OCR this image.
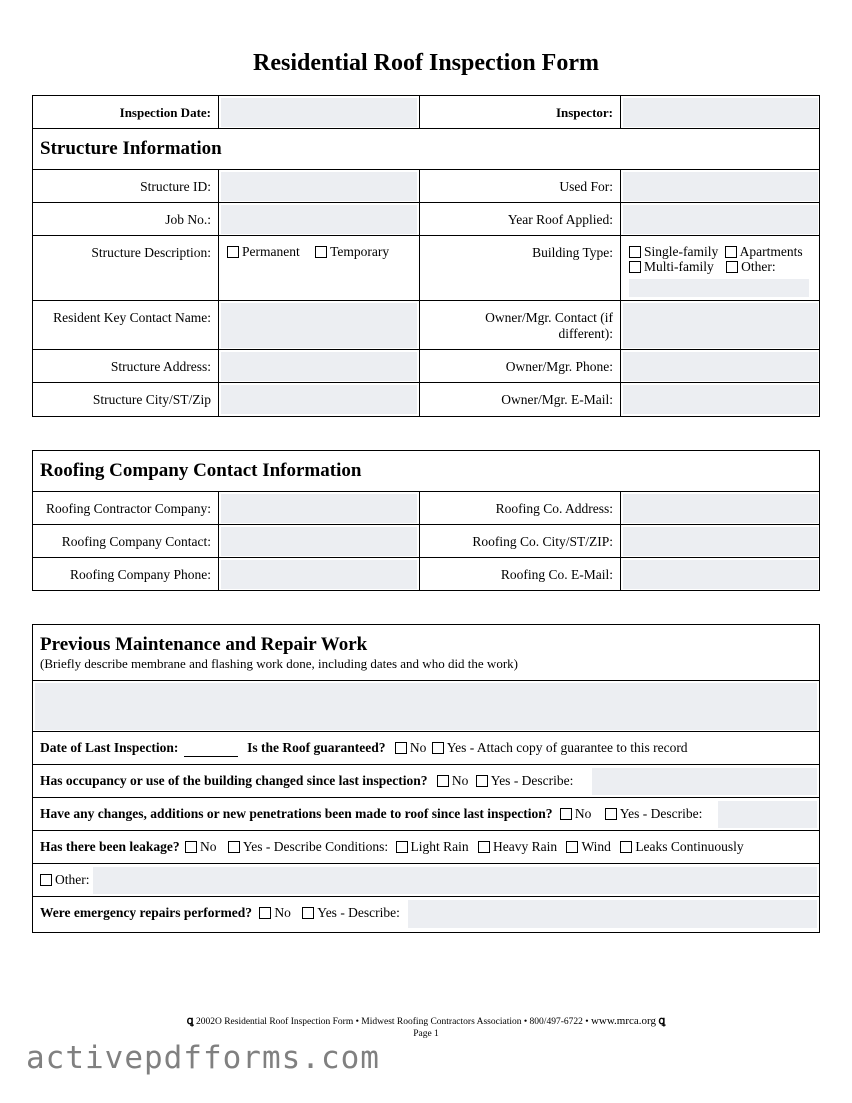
Residential Roof Inspection Form
Inspection Date:	Inspector:
Structure Information
Structure ID:	Used For:
Job No.:	Year Roof Applied:
Structure Description:	Permanent Temporary	Building Type:	Single-family Apartments
Multi-family Other:
Resident Key Contact Name:	Owner/Mgr. Contact (if
different):
Structure Address:	Owner/Mgr. Phone:
Structure City/ST/Zip	Owner/Mgr. E-Mail:
Roofing Company Contact Information
Roofing Contractor Company:	Roofing Co. Address:
Roofing Company Contact:	Roofing Co. City/ST/ZIP:
Roofing Company Phone:	Roofing Co. E-Mail:
Previous Maintenance and Repair Work
(Briefly describe membrane and flashing work done, including dates and who did the work)
Date of Last Inspection:	Is the Roof guaranteed? No Yes - Attach copy of guarantee to this record
Has occupancy or use of the building changed since last inspection? No Yes - Describe:
Have any changes, additions or new penetrations been made to roof since last inspection? No Yes - Describe:
Has there been leakage? No Yes - Describe Conditions: Light Rain Heavy Rain Wind Leaks Continuously
Other:
Were emergency repairs performed? No Yes - Describe:
ꝗ 2002O Residential Roof Inspection Form • Midwest Roofing Contractors Association • 800/497-6722 • www.mrca.org ꝗ
Page 1
activepdfforms.com
